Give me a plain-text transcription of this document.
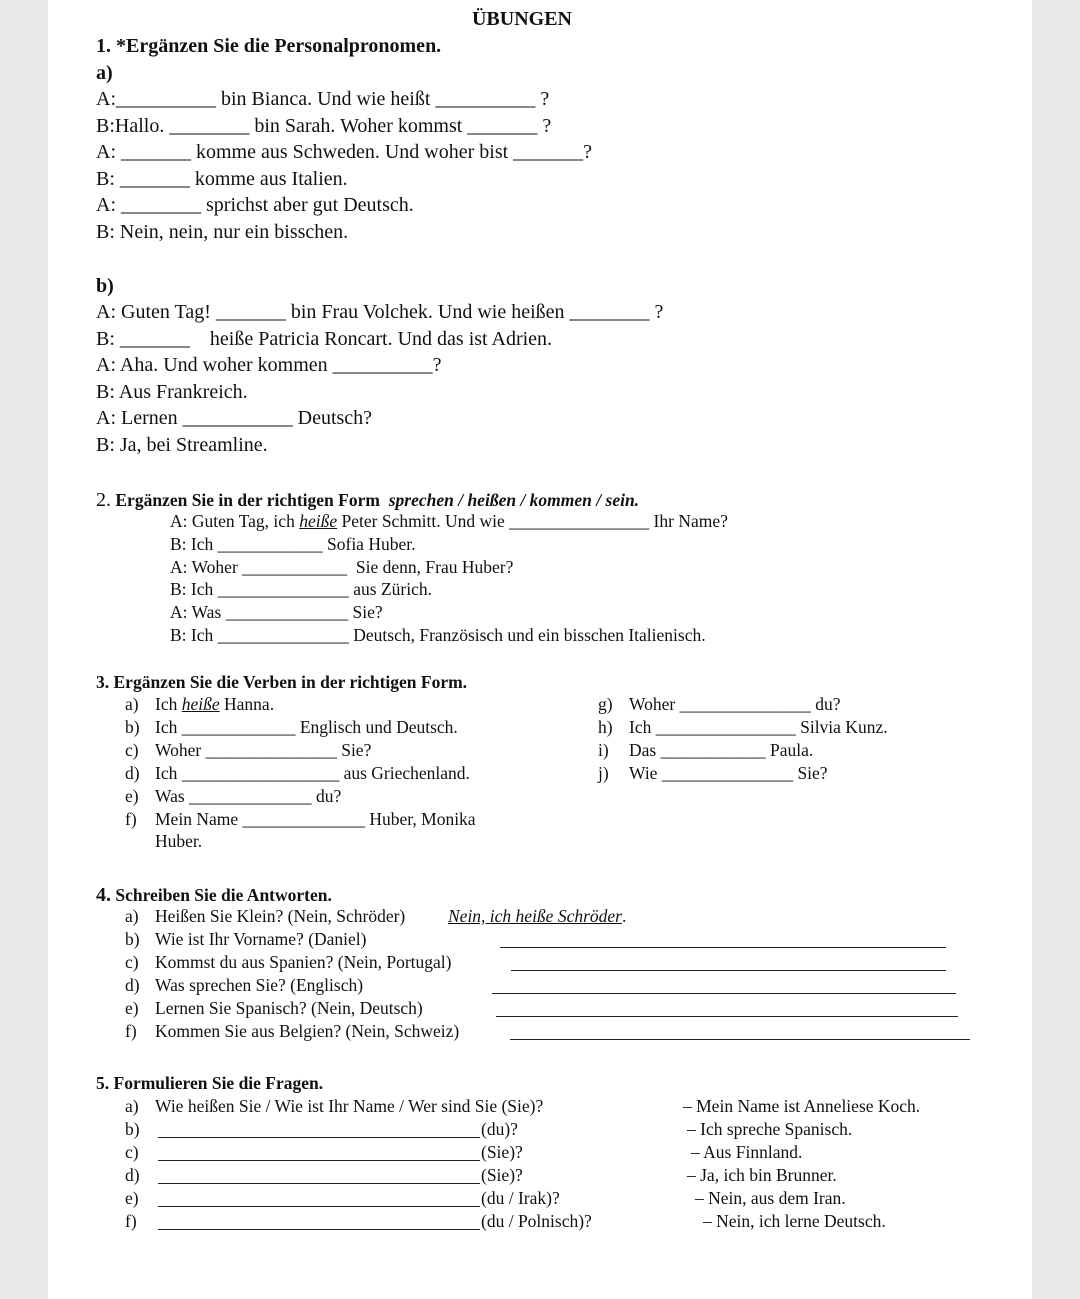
ÜBUNGEN
1. *Ergänzen Sie die Personalpronomen.
a)
A:__________ bin Bianca. Und wie heißt __________ ?
B:Hallo. ________ bin Sarah. Woher kommst _______ ?
A: _______ komme aus Schweden. Und woher bist _______?
B: _______ komme aus Italien.
A: ________ sprichst aber gut Deutsch.
B: Nein, nein, nur ein bisschen.
b)
A: Guten Tag! _______ bin Frau Volchek. Und wie heißen ________ ?
B: _______    heiße Patricia Roncart. Und das ist Adrien.
A: Aha. Und woher kommen __________?
B: Aus Frankreich.
A: Lernen ___________ Deutsch?
B: Ja, bei Streamline.
2. Ergänzen Sie in der richtigen Form  sprechen / heißen / kommen / sein.
A: Guten Tag, ich heiße Peter Schmitt. Und wie ________________ Ihr Name?
B: Ich ____________ Sofia Huber.
A: Woher ____________  Sie denn, Frau Huber?
B: Ich _______________ aus Zürich.
A: Was ______________ Sie?
B: Ich _______________ Deutsch, Französisch und ein bisschen Italienisch.
3. Ergänzen Sie die Verben in der richtigen Form.
a) Ich heiße Hanna.
b) Ich _____________ Englisch und Deutsch.
c) Woher _______________ Sie?
d) Ich __________________ aus Griechenland.
e) Was ______________ du?
f) Mein Name ______________ Huber, Monika
Huber.
g) Woher _______________ du?
h) Ich ________________ Silvia Kunz.
i) Das ____________ Paula.
j) Wie _______________ Sie?
4. Schreiben Sie die Antworten.
a) Heißen Sie Klein? (Nein, Schröder) Nein, ich heiße Schröder.
b) Wie ist Ihr Vorname? (Daniel)
c) Kommst du aus Spanien? (Nein, Portugal)
d) Was sprechen Sie? (Englisch)
e) Lernen Sie Spanisch? (Nein, Deutsch)
f) Kommen Sie aus Belgien? (Nein, Schweiz)
5. Formulieren Sie die Fragen.
a) Wie heißen Sie / Wie ist Ihr Name / Wer sind Sie (Sie)?	– Mein Name ist Anneliese Koch.
b)	(du)?	– Ich spreche Spanisch.
c)	(Sie)?	– Aus Finnland.
d)	(Sie)?	– Ja, ich bin Brunner.
e)	(du / Irak)?	– Nein, aus dem Iran.
f)	(du / Polnisch)?	– Nein, ich lerne Deutsch.
